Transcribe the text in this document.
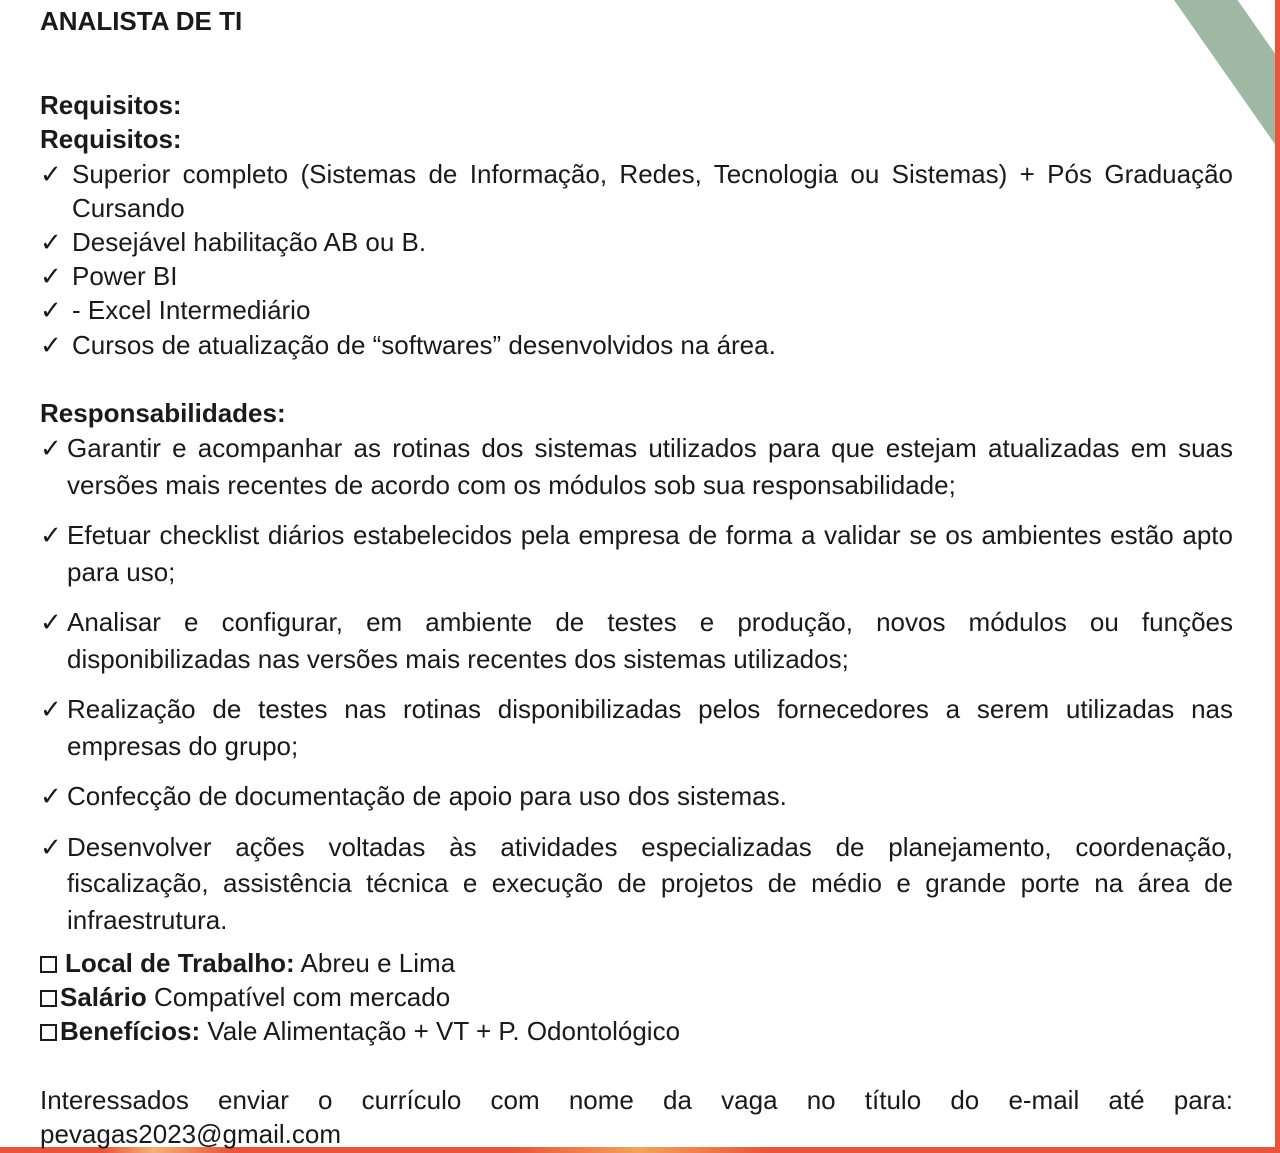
ANALISTA DE TI
Requisitos:
Requisitos:
✓ Superior completo (Sistemas de Informação, Redes, Tecnologia ou Sistemas) + Pós Graduação Cursando
✓ Desejável habilitação AB ou B.
✓ Power BI
✓ - Excel Intermediário
✓ Cursos de atualização de “softwares” desenvolvidos na área.
Responsabilidades:
✓ Garantir e acompanhar as rotinas dos sistemas utilizados para que estejam atualizadas em suas versões mais recentes de acordo com os módulos sob sua responsabilidade;
✓ Efetuar checklist diários estabelecidos pela empresa de forma a validar se os ambientes estão apto para uso;
✓ Analisar e configurar, em ambiente de testes e produção, novos módulos ou funções disponibilizadas nas versões mais recentes dos sistemas utilizados;
✓ Realização de testes nas rotinas disponibilizadas pelos fornecedores a serem utilizadas nas empresas do grupo;
✓ Confecção de documentação de apoio para uso dos sistemas.
✓ Desenvolver ações voltadas às atividades especializadas de planejamento, coordenação, fiscalização, assistência técnica e execução de projetos de médio e grande porte na área de infraestrutura.
Local de Trabalho: Abreu e Lima
Salário Compatível com mercado
Benefícios: Vale Alimentação + VT + P. Odontológico
Interessados enviar o currículo com nome da vaga no título do e-mail até para: pevagas2023@gmail.com
